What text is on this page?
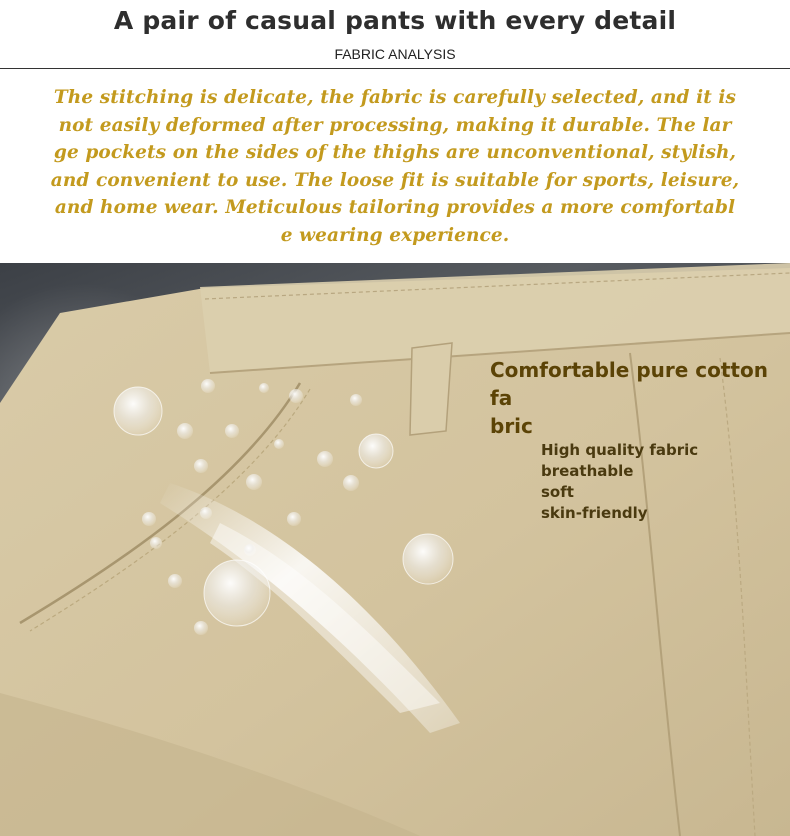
A pair of casual pants with every detail
FABRIC ANALYSIS
The stitching is delicate, the fabric is carefully selected, and it is
not easily deformed after processing, making it durable. The lar
ge pockets on the sides of the thighs are unconventional, stylish,
and convenient to use. The loose fit is suitable for sports, leisure,
and home wear. Meticulous tailoring provides a more comfortabl
e wearing experience.
Comfortable pure cotton fa
bric
High quality fabric
breathable
soft
skin-friendly
